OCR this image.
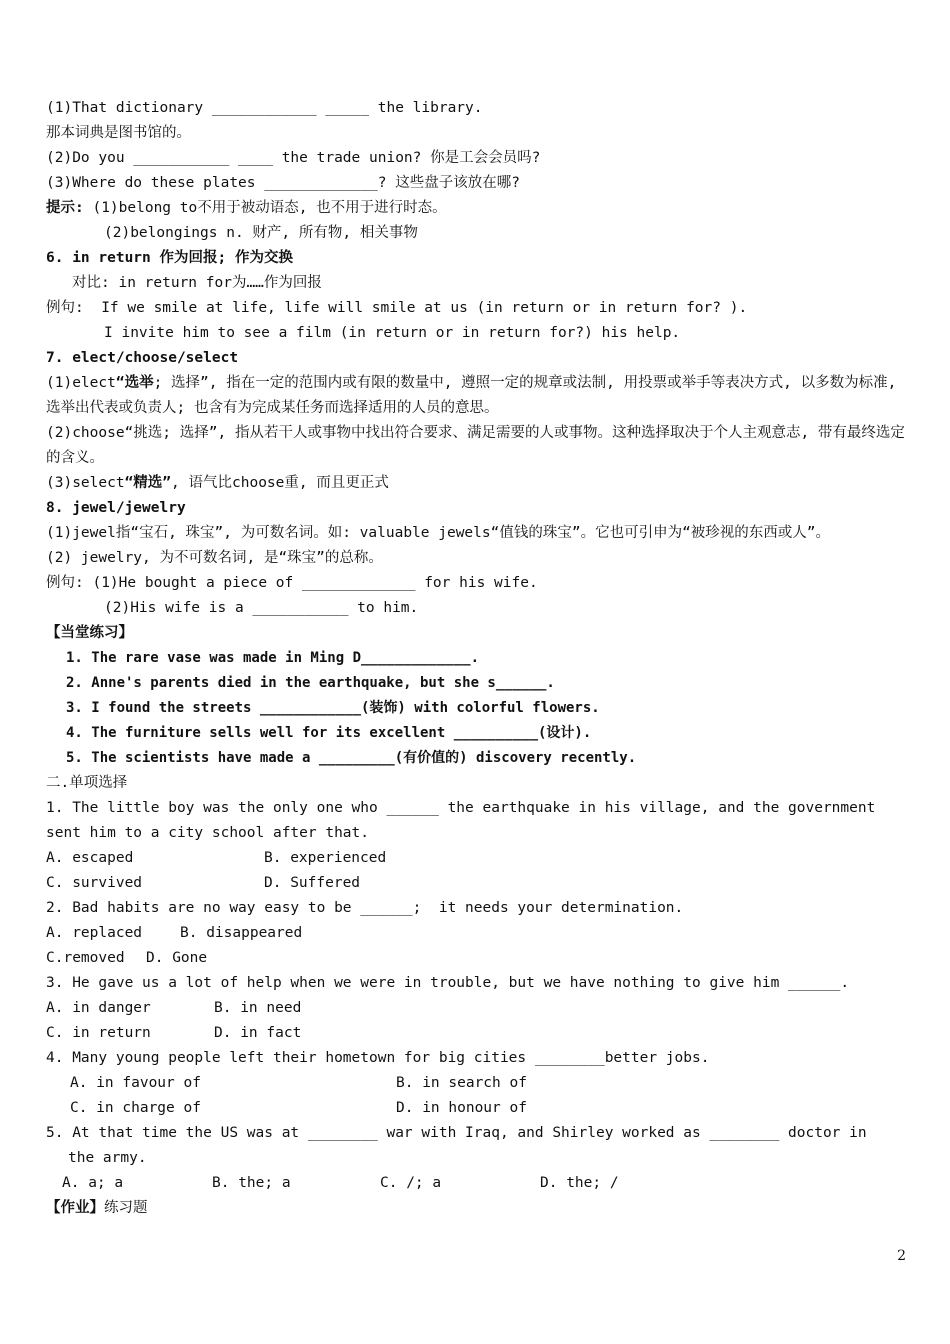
(1)That dictionary ____________ _____ the library.
那本词典是图书馆的。
(2)Do you ___________ ____ the trade union? 你是工会会员吗?
(3)Where do these plates _____________? 这些盘子该放在哪?
提示: (1)belong to不用于被动语态, 也不用于进行时态。
(2)belongings n. 财产, 所有物, 相关事物
6. in return 作为回报; 作为交换
对比: in return for为……作为回报
例句:  If we smile at life, life will smile at us (in return or in return for? ).
I invite him to see a film (in return or in return for?) his help.
7. elect/choose/select
(1)elect“选举; 选择”, 指在一定的范围内或有限的数量中, 遵照一定的规章或法制, 用投票或举手等表决方式, 以多数为标准, 选举出代表或负责人; 也含有为完成某任务而选择适用的人员的意思。
(2)choose“挑选; 选择”, 指从若干人或事物中找出符合要求、满足需要的人或事物。这种选择取决于个人主观意志, 带有最终选定的含义。
(3)select“精选”, 语气比choose重, 而且更正式
8. jewel/jewelry
(1)jewel指“宝石, 珠宝”, 为可数名词。如: valuable jewels“值钱的珠宝”。它也可引申为“被珍视的东西或人”。
(2) jewelry, 为不可数名词, 是“珠宝”的总称。
例句: (1)He bought a piece of _____________ for his wife.
(2)His wife is a ___________ to him.
【当堂练习】
1. The rare vase was made in Ming D_____________.
2. Anne's parents died in the earthquake, but she s______.
3. I found the streets ____________(装饰) with colorful flowers.
4. The furniture sells well for its excellent __________(设计).
5. The scientists have made a _________(有价值的) discovery recently.
二.单项选择
1. The little boy was the only one who ______ the earthquake in his village, and the government sent him to a city school after that.
A. escaped	B. experienced
C. survived	D. Suffered
2. Bad habits are no way easy to be ______;  it needs your determination.
A. replaced	B. disappeared
C.removed	D. Gone
3. He gave us a lot of help when we were in trouble, but we have nothing to give him ______.
A. in danger	B. in need
C. in return	D. in fact
4. Many young people left their hometown for big cities ________better jobs.
A. in favour of	B. in search of
C. in charge of	D. in honour of
5. At that time the US was at ________ war with Iraq, and Shirley worked as ________ doctor in
the army.
A. a; a	B. the; a	C. /; a	D. the; /
【作业】练习题
2
